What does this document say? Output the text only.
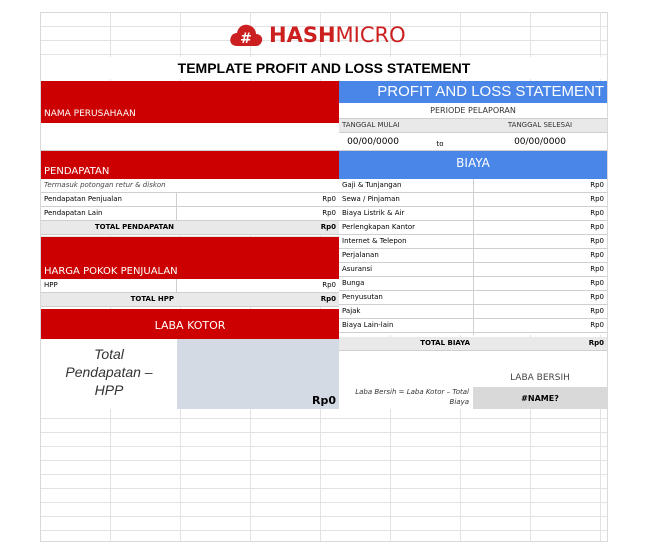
# HASHMICRO
TEMPLATE PROFIT AND LOSS STATEMENT
NAMA PERUSAHAAN
PENDAPATAN
Termasuk potongan retur & diskon
Pendapatan Penjualan	Rp0
Pendapatan Lain	Rp0
TOTAL PENDAPATAN	Rp0
HARGA POKOK PENJUALAN
HPP	Rp0
TOTAL HPP	Rp0
LABA KOTOR
Total Pendapatan – HPP
Rp0
PROFIT AND LOSS STATEMENT
PERIODE PELAPORAN
TANGGAL MULAI	TANGGAL SELESAI
00/00/0000	to	00/00/0000
BIAYA
Gaji & Tunjangan	Rp0
Sewa / Pinjaman	Rp0
Biaya Listrik & Air	Rp0
Perlengkapan Kantor	Rp0
Internet & Telepon	Rp0
Perjalanan	Rp0
Asuransi	Rp0
Bunga	Rp0
Penyusutan	Rp0
Pajak	Rp0
Biaya Lain-lain	Rp0
TOTAL BIAYA	Rp0
LABA BERSIH
Laba Bersih = Laba Kotor – Total Biaya	#NAME?
